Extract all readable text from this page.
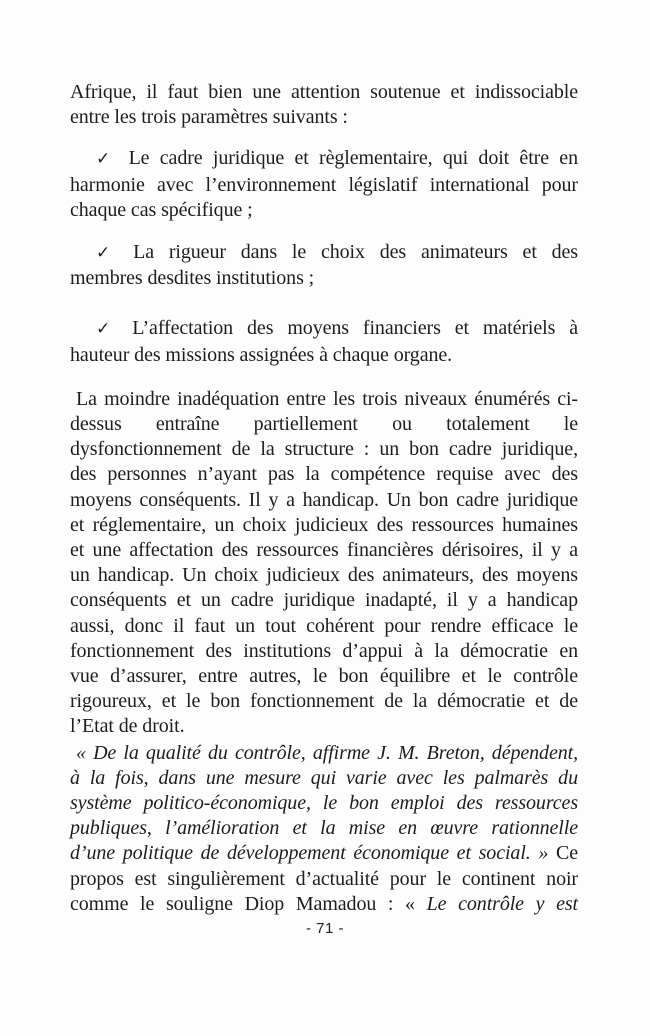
Afrique, il faut bien une attention soutenue et indissociable
entre les trois paramètres suivants :
✓ Le cadre juridique et règlementaire, qui doit être en
harmonie avec l’environnement législatif international pour
chaque cas spécifique ;
✓ La rigueur dans le choix des animateurs et des
membres desdites institutions ;
✓ L’affectation des moyens financiers et matériels à
hauteur des missions assignées à chaque organe.
La moindre inadéquation entre les trois niveaux énumérés ci-
dessus entraîne partiellement ou totalement le
dysfonctionnement de la structure : un bon cadre juridique,
des personnes n’ayant pas la compétence requise avec des
moyens conséquents. Il y a handicap. Un bon cadre juridique
et réglementaire, un choix judicieux des ressources humaines
et une affectation des ressources financières dérisoires, il y a
un handicap. Un choix judicieux des animateurs, des moyens
conséquents et un cadre juridique inadapté, il y a handicap
aussi, donc il faut un tout cohérent pour rendre efficace le
fonctionnement des institutions d’appui à la démocratie en
vue d’assurer, entre autres, le bon équilibre et le contrôle
rigoureux, et le bon fonctionnement de la démocratie et de
l’Etat de droit.
« De la qualité du contrôle, affirme J. M. Breton, dépendent,
à la fois, dans une mesure qui varie avec les palmarès du
système politico-économique, le bon emploi des ressources
publiques, l’amélioration et la mise en œuvre rationnelle
d’une politique de développement économique et social. » Ce
propos est singulièrement d’actualité pour le continent noir
comme le souligne Diop Mamadou : « Le contrôle y est
- 71 -
